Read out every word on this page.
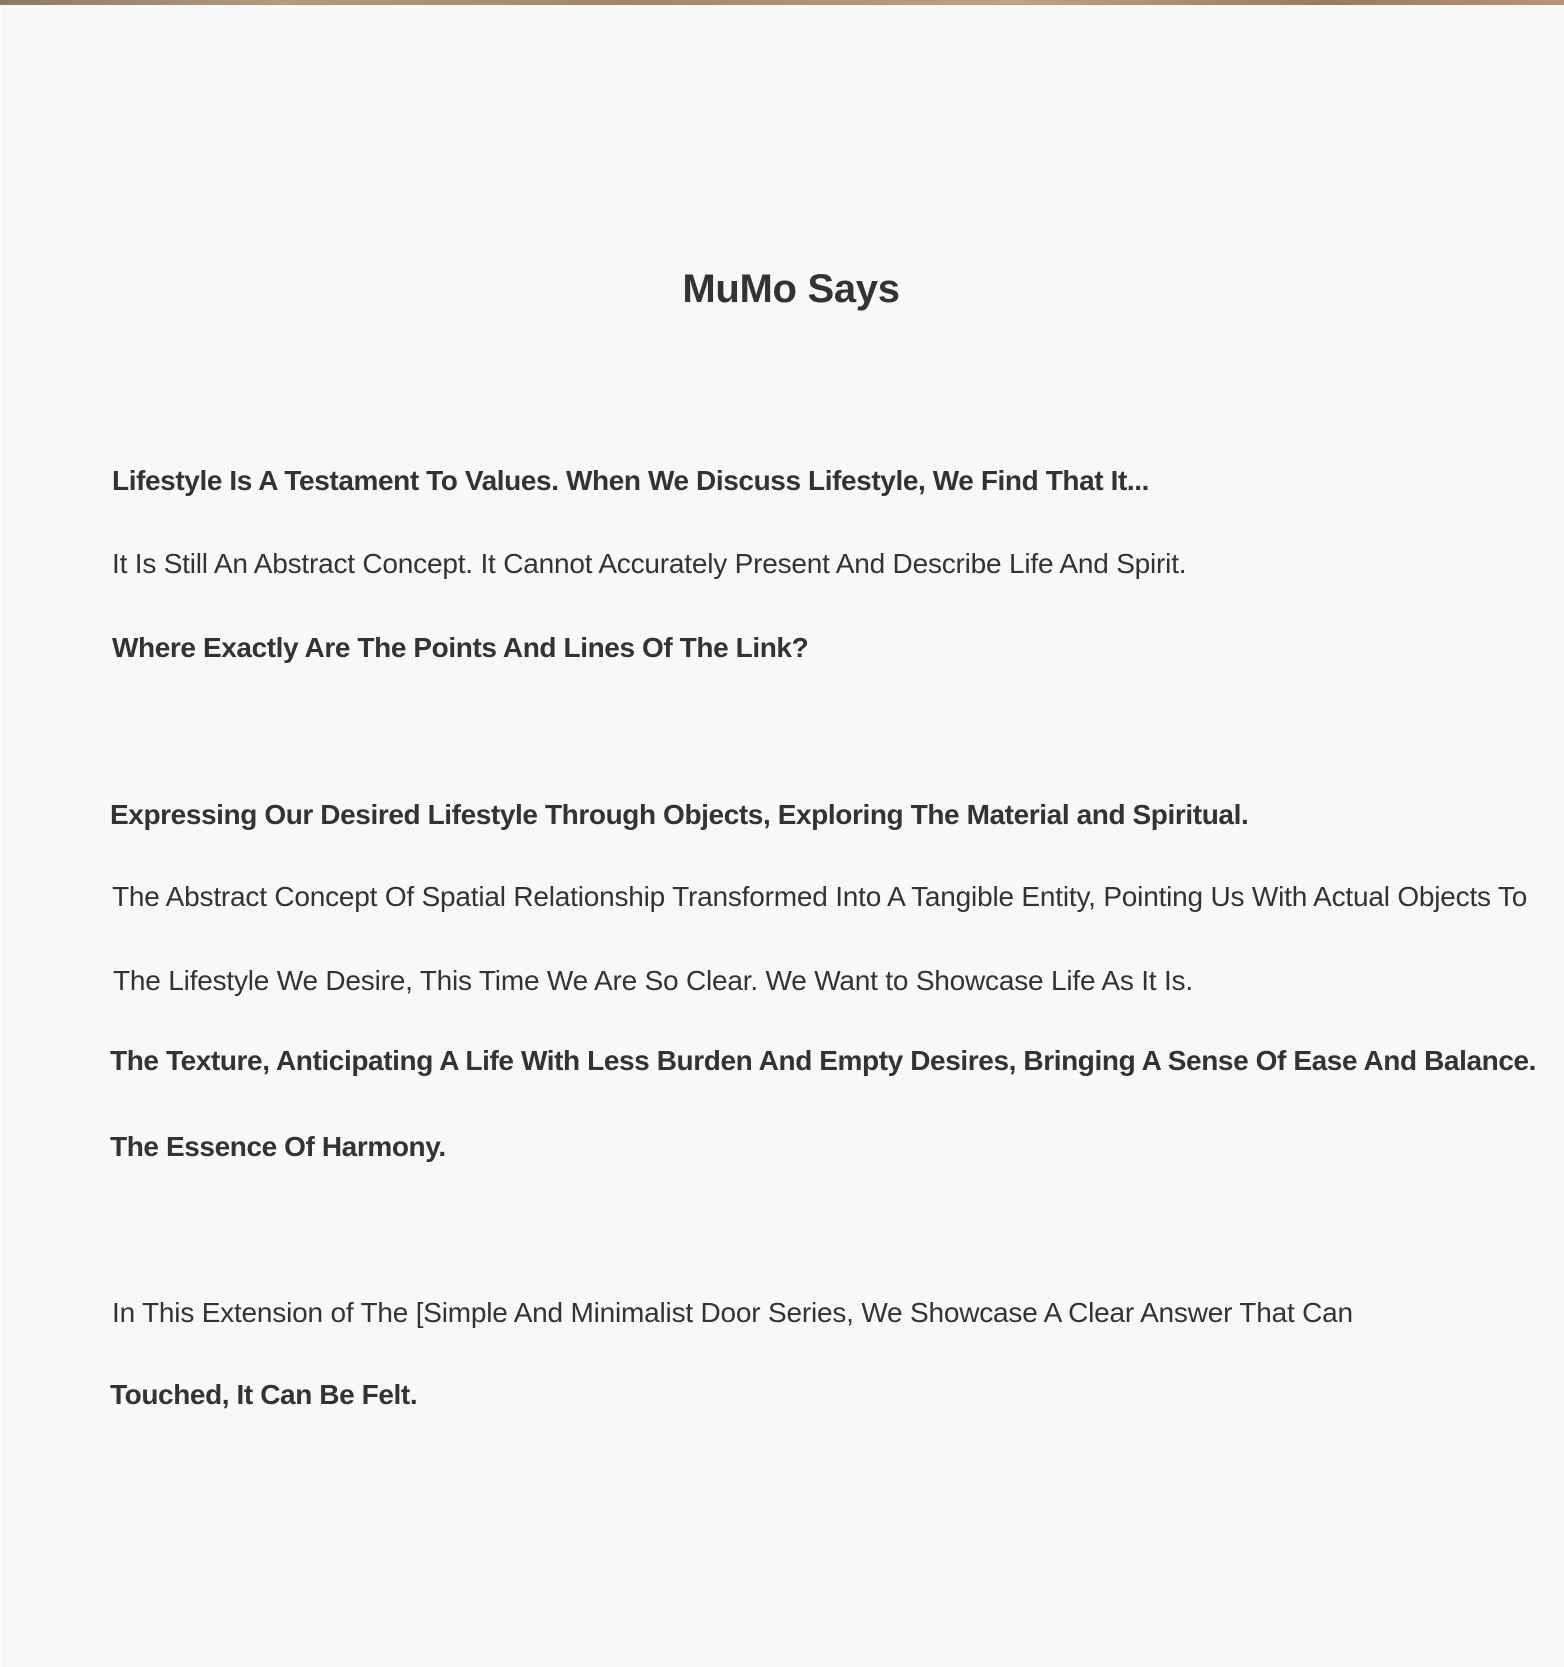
MuMo Says

Lifestyle Is A Testament To Values. When We Discuss Lifestyle, We Find That It...

It Is Still An Abstract Concept. It Cannot Accurately Present And Describe Life And Spirit.

Where Exactly Are The Points And Lines Of The Link?

Expressing Our Desired Lifestyle Through Objects, Exploring The Material and Spiritual.

The Abstract Concept Of Spatial Relationship Transformed Into A Tangible Entity, Pointing Us With Actual Objects To

The Lifestyle We Desire, This Time We Are So Clear. We Want to Showcase Life As It Is.

The Texture, Anticipating A Life With Less Burden And Empty Desires, Bringing A Sense Of Ease And Balance.

The Essence Of Harmony.

In This Extension of The [Simple And Minimalist Door Series, We Showcase A Clear Answer That Can

Touched, It Can Be Felt.
